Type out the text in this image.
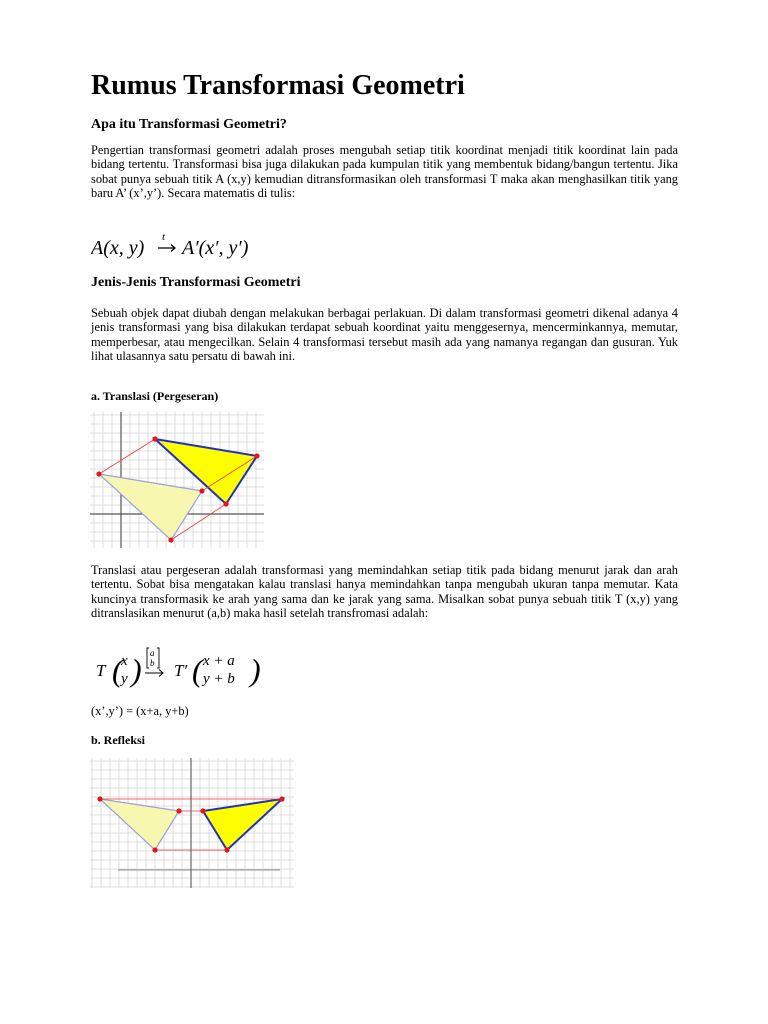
Rumus Transformasi Geometri
Apa itu Transformasi Geometri?

Pengertian transformasi geometri adalah proses mengubah setiap titik koordinat menjadi titik koordinat lain pada bidang tertentu. Transformasi bisa juga dilakukan pada kumpulan titik yang membentuk bidang/bangun tertentu. Jika sobat punya sebuah titik A (x,y) kemudian ditransformasikan oleh transformasi T maka akan menghasilkan titik yang baru A’ (x’,y’). Secara matematis di tulis:

A(x, y) t A′(x′, y′)
Jenis-Jenis Transformasi Geometri

Sebuah objek dapat diubah dengan melakukan berbagai perlakuan. Di dalam transformasi geometri dikenal adanya 4 jenis transformasi yang bisa dilakukan terdapat sebuah koordinat yaitu menggesernya, mencerminkannya, memutar, memperbesar, atau mengecilkan. Selain 4 transformasi tersebut masih ada yang namanya regangan dan gusuran. Yuk lihat ulasannya satu persatu di bawah ini.

a. Translasi (Pergeseran)

Translasi atau pergeseran adalah transformasi yang memindahkan setiap titik pada bidang menurut jarak dan arah tertentu. Sobat bisa mengatakan kalau translasi hanya memindahkan tanpa mengubah ukuran tanpa memutar. Kata kuncinya transformasik ke arah yang sama dan ke jarak yang sama. Misalkan sobat punya sebuah titik T (x,y) yang ditranslasikan menurut (a,b) maka hasil setelah transfromasi adalah:

T (
x
y ) a
b T′ ( x + a
y + b )

(x’,y’) = (x+a, y+b)

b. Refleksi
